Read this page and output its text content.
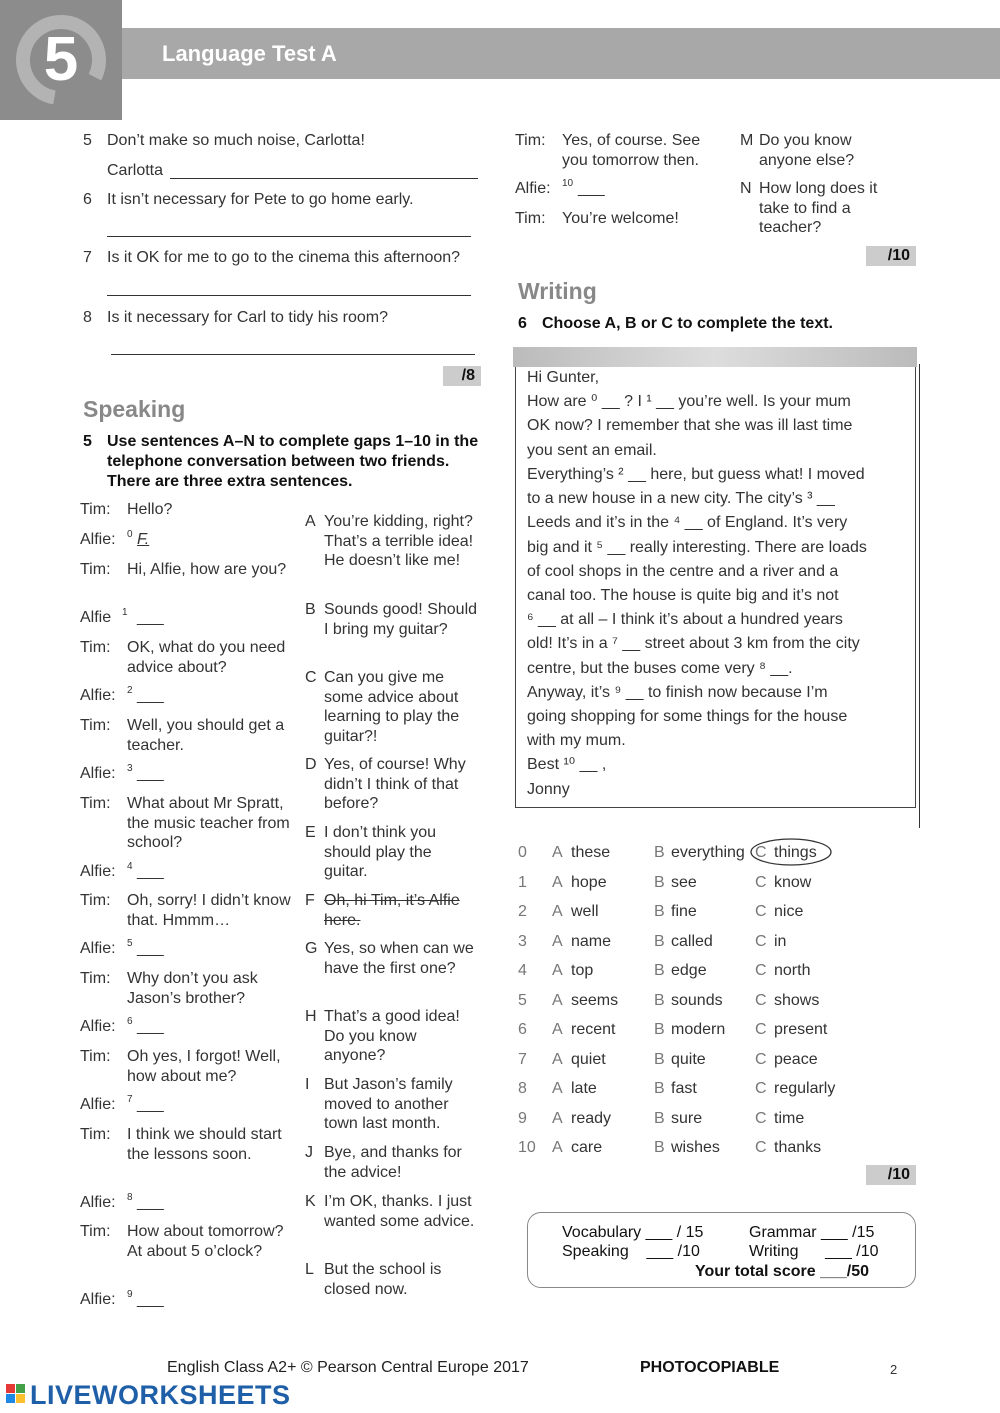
5	Language Test A
5 Don’t make so much noise, Carlotta!
Carlotta
6 It isn’t necessary for Pete to go home early.
7 Is it OK for me to go to the cinema this afternoon?
8 Is it necessary for Carl to tidy his room?
/8
Speaking
5 Use sentences A–N to complete gaps 1–10 in the telephone conversation between two friends. There are three extra sentences.
Tim: Hello?
Alfie: 0 F.
Tim: Hi, Alfie, how are you?
Alfie 1 ___
Tim: OK, what do you need advice about?
Alfie: 2 ___
Tim: Well, you should get a teacher.
Alfie: 3 ___
Tim: What about Mr Spratt, the music teacher from school?
Alfie: 4 ___
Tim: Oh, sorry! I didn’t know that. Hmmm…
Alfie: 5 ___
Tim: Why don’t you ask Jason’s brother?
Alfie: 6 ___
Tim: Oh yes, I forgot! Well, how about me?
Alfie: 7 ___
Tim: I think we should start the lessons soon.
Alfie: 8 ___
Tim: How about tomorrow? At about 5 o’clock?
Alfie: 9 ___
A You’re kidding, right? That’s a terrible idea! He doesn’t like me!
B Sounds good! Should I bring my guitar?
C Can you give me some advice about learning to play the guitar?!
D Yes, of course! Why didn’t I think of that before?
E I don’t think you should play the guitar.
F Oh, hi Tim, it’s Alfie here.
G Yes, so when can we have the first one?
H That’s a good idea! Do you know anyone?
I But Jason’s family moved to another town last month.
J Bye, and thanks for the advice!
K I’m OK, thanks. I just wanted some advice.
L But the school is closed now.
M Do you know anyone else?
N How long does it take to find a teacher?
Tim: Yes, of course. See you tomorrow then.
Alfie: 10 ___
Tim: You’re welcome!
/10
Writing
6 Choose A, B or C to complete the text.
Hi Gunter,
How are ⁰ __ ? I ¹ __ you’re well. Is your mum
OK now? I remember that she was ill last time
you sent an email.
Everything’s ² __ here, but guess what! I moved
to a new house in a new city. The city’s ³ __
Leeds and it’s in the ⁴ __ of England. It’s very
big and it ⁵ __ really interesting. There are loads
of cool shops in the centre and a river and a
canal too. The house is quite big and it’s not
⁶ __ at all – I think it’s about a hundred years
old! It’s in a ⁷ __ street about 3 km from the city
centre, but the buses come very ⁸ __.
Anyway, it’s ⁹ __ to finish now because I’m
going shopping for some things for the house
with my mum.
Best ¹⁰ __ ,
Jonny
0 A these	B everything C things
1 A hope	B see	C know
2 A well	B fine	C nice
3 A name	B called	C in
4 A top	B edge	C north
5 A seems B sounds C shows
6 A recent B modern C present
7 A quiet	B quite	C peace
8 A late	B fast	C regularly
9 A ready	B sure	C time
10 A care	B wishes C thanks
/10
Vocabulary ___ / 15	Grammar ___ /15
Speaking    ___ /10	Writing      ___ /10
Your total score ___/50
English Class A2+ © Pearson Central Europe 2017	PHOTOCOPIABLE	2
LIVEWORKSHEETS
